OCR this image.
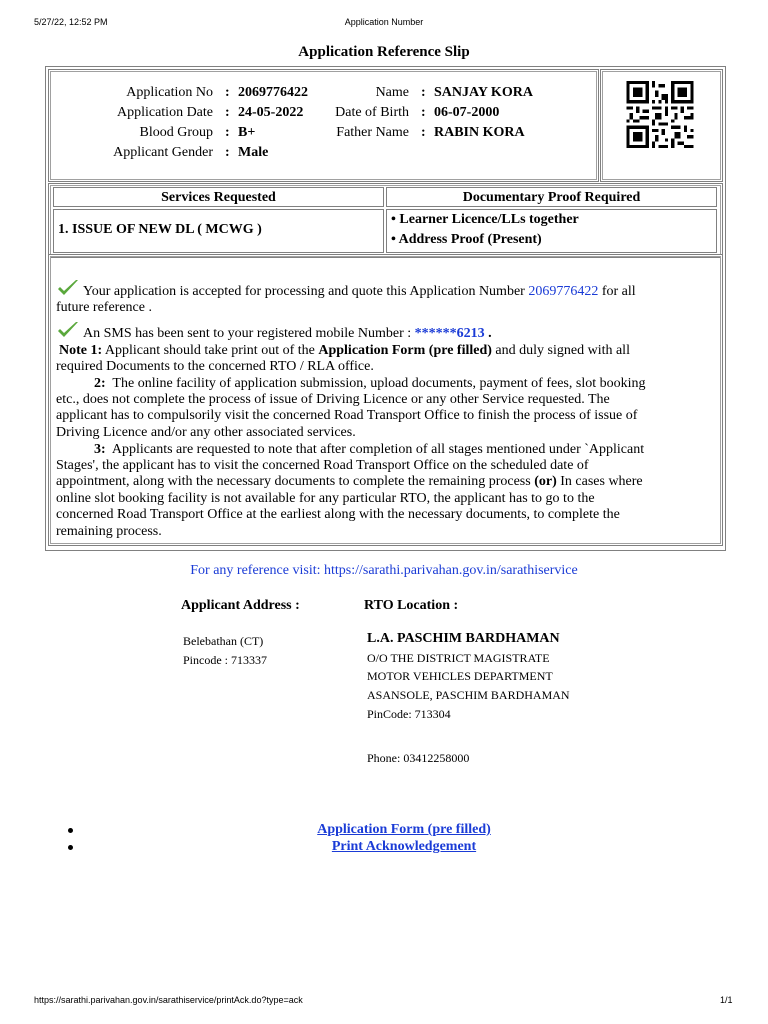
5/27/22, 12:52 PM	Application Number
Application Reference Slip
Application No : 2069776422
Application Date : 24-05-2022
Blood Group : B+
Applicant Gender : Male
Name : SANJAY KORA
Date of Birth : 06-07-2000
Father Name : RABIN KORA
Services Requested	Documentary Proof Required
1. ISSUE OF NEW DL ( MCWG )
• Learner Licence/LLs together
• Address Proof (Present)
Your application is accepted for processing and quote this Application Number 2069776422 for all
future reference .
An SMS has been sent to your registered mobile Number : ******6213 .
Note 1: Applicant should take print out of the Application Form (pre filled) and duly signed with all
required Documents to the concerned RTO / RLA office.
2: The online facility of application submission, upload documents, payment of fees, slot booking
etc., does not complete the process of issue of Driving Licence or any other Service requested. The
applicant has to compulsorily visit the concerned Road Transport Office to finish the process of issue of
Driving Licence and/or any other associated services.
3: Applicants are requested to note that after completion of all stages mentioned under `Applicant
Stages', the applicant has to visit the concerned Road Transport Office on the scheduled date of
appointment, along with the necessary documents to complete the remaining process (or) In cases where
online slot booking facility is not available for any particular RTO, the applicant has to go to the
concerned Road Transport Office at the earliest along with the necessary documents, to complete the
remaining process.
For any reference visit: https://sarathi.parivahan.gov.in/sarathiservice
Applicant Address :	RTO Location :
Belebathan (CT)
Pincode : 713337
L.A. PASCHIM BARDHAMAN
O/O THE DISTRICT MAGISTRATE
MOTOR VEHICLES DEPARTMENT
ASANSOLE, PASCHIM BARDHAMAN
PinCode: 713304
Phone: 03412258000
Application Form (pre filled)
Print Acknowledgement
https://sarathi.parivahan.gov.in/sarathiservice/printAck.do?type=ack	1/1
